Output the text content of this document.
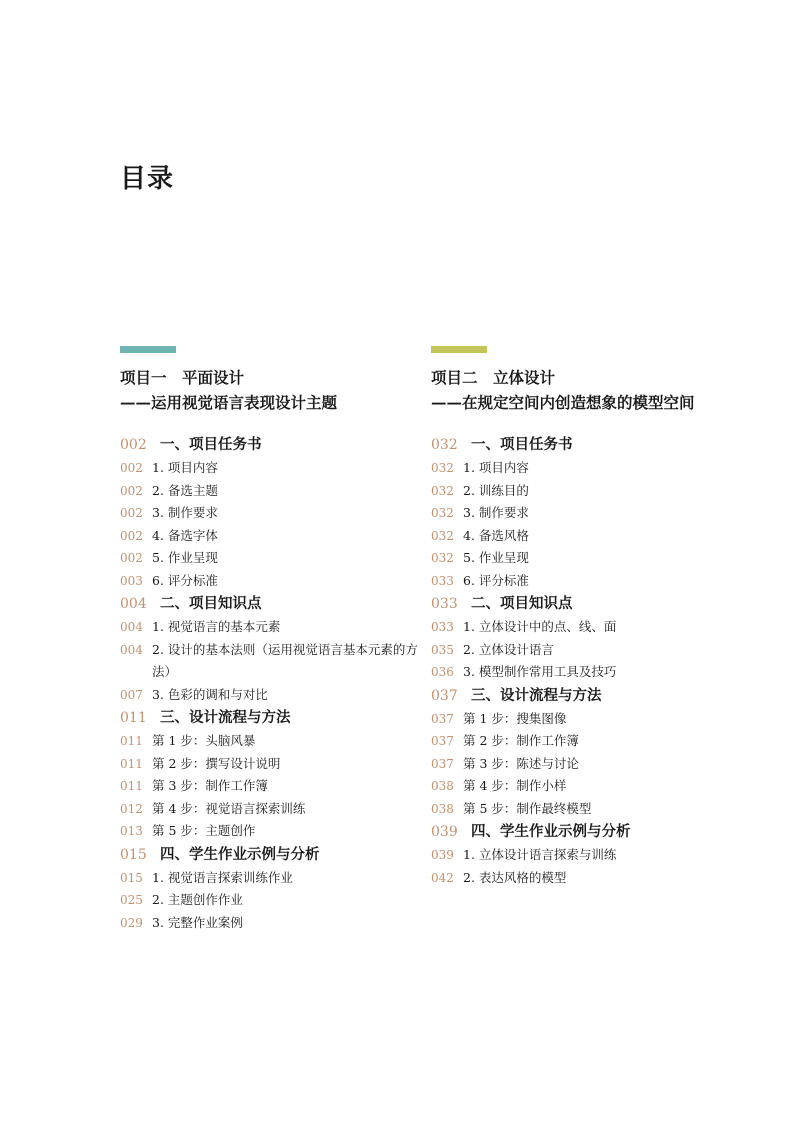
目录
项目一　平面设计
——运用视觉语言表现设计主题
002 一、项目任务书
002 1. 项目内容
002 2. 备选主题
002 3. 制作要求
002 4. 备选字体
002 5. 作业呈现
003 6. 评分标准
004 二、项目知识点
004 1. 视觉语言的基本元素
004 2. 设计的基本法则（运用视觉语言基本元素的方法）
007 3. 色彩的调和与对比
011 三、设计流程与方法
011 第 1 步：头脑风暴
011 第 2 步：撰写设计说明
011 第 3 步：制作工作簿
012 第 4 步：视觉语言探索训练
013 第 5 步：主题创作
015 四、学生作业示例与分析
015 1. 视觉语言探索训练作业
025 2. 主题创作作业
029 3. 完整作业案例
项目二　立体设计
——在规定空间内创造想象的模型空间
032 一、项目任务书
032 1. 项目内容
032 2. 训练目的
032 3. 制作要求
032 4. 备选风格
032 5. 作业呈现
033 6. 评分标准
033 二、项目知识点
033 1. 立体设计中的点、线、面
035 2. 立体设计语言
036 3. 模型制作常用工具及技巧
037 三、设计流程与方法
037 第 1 步：搜集图像
037 第 2 步：制作工作簿
037 第 3 步：陈述与讨论
038 第 4 步：制作小样
038 第 5 步：制作最终模型
039 四、学生作业示例与分析
039 1. 立体设计语言探索与训练
042 2. 表达风格的模型
